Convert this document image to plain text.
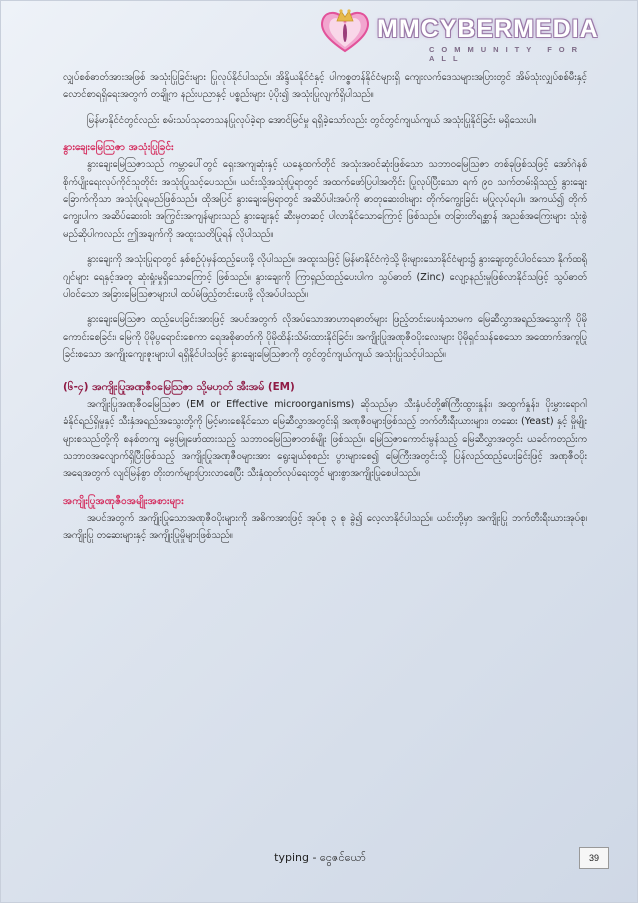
MMCYBERMEDIA
COMMUNITY FOR ALL

လျှပ်စစ်ဓာတ်အားအဖြစ် အသုံးပြုခြင်းများ ပြုလုပ်နိုင်ပါသည်။ အိန္ဒိယနိုင်ငံနှင့် ပါကစ္စတန်နိုင်ငံများရှိ ကျေးလက်ဒေသများအပြားတွင် အိမ်သုံးလျှပ်စစ်မီးနှင့် လောင်စာရရှိရေးအတွက် တချို့က နည်းပညာနှင့် ပစ္စည်းများ ပံ့ပိုး၍ အသုံးပြုလျက်ရှိပါသည်။

မြန်မာနိုင်ငံတွင်လည်း စမ်းသပ်သုတေသနပြုလုပ်ခဲ့ရာ အောင်မြင်မှု ရရှိခဲ့သော်လည်း တွင်တွင်ကျယ်ကျယ် အသုံးပြုနိုင်ခြင်း မရှိသေးပါ။

နွားချေးမြေသြဇာ အသုံးပြုခြင်း

နွားချေးမြေသြဇာသည် ကမ္ဘာပေါ်တွင် ရှေးအကျဆုံးနှင့် ယနေ့ထက်တိုင် အသုံးအဝင်ဆုံးဖြစ်သော သဘာဝမြေသြဇာ တစ်ခုဖြစ်သဖြင့် အော်ဂဲနစ်စိုက်ပျိုးရေးလုပ်ကိုင်သူတိုင်း အသုံးပြုသင့်ပေသည်။ ယင်းသို့အသုံးပြုရာတွင် အထက်ဖော်ပြပါအတိုင်း ပြုလုပ်ပြီးသော ရက် ၉၀ သက်တမ်းရှိသည့် နွားချေးခြောက်ကိုသာ အသုံးပြုရမည်ဖြစ်သည်။ ထိုအပြင် နွားချေးမြေရာတွင် အဆိပ်ပါးအပ်ကို ဓာတုဆေးဝါးများ တိုက်ကျွေးခြင်း မပြုလုပ်ရပါ။ အကယ်၍ တိုက်ကျွေးပါက အဆိပ်ဆေးဝါး အကြွင်းအကျန်များသည် နွားချေးနှင့် ဆီးမှတဆင့် ပါလာနိုင်သောကြောင့် ဖြစ်သည်။ တခြားတိရစ္ဆာန် အညစ်အကြေးများ သုံးစွဲမည်ဆိုပါကလည်း ဤအချက်ကို အထူးသတိပြုရန် လိုပါသည်။

နွားချေးကို အသုံးပြုရာတွင် နှစ်စဉ်ပုံမှန်ထည့်ပေးဖို့ လိုပါသည်။ အထူးသဖြင့် မြန်မာနိုင်ငံကဲ့သို့ မိုးများသောနိုင်ငံများ၌ နွားချေးတွင်ပါဝင်သော နိုက်ထရိုဂျင်များ ရေနှင့်အတူ ဆုံးရှုံးမှုရှိသောကြောင့် ဖြစ်သည်။ နွားချေးကို ကြာရှည်ထည့်ပေးပါက သွပ်ဓာတ် (Zinc) လျော့နည်းမှုဖြစ်လာနိုင်သဖြင့် သွပ်ဓာတ်ပါဝင်သော အခြားမြေသြဇာများပါ ထပ်မံဖြည့်တင်းပေးဖို့ လိုအပ်ပါသည်။

နွားချေးမြေသြဇာ ထည့်ပေးခြင်းအားဖြင့် အပင်အတွက် လိုအပ်သောအာဟာရဓာတ်များ ဖြည့်တင်းပေးရုံသာမက မြေဆီလွှာအရည်အသွေးကို ပိုမိုကောင်းစေခြင်း၊ မြေကို ပိုမိုပွရောင်းစေကာ ရေအစိုဓာတ်ကို ပိုမိုထိန်းသိမ်းထားနိုင်ခြင်း၊ အကျိုးပြုအဏုဇီဝပိုးလေးများ ပိုမိုရှင်သန်စေသော အထောက်အကူပြုခြင်းစသော အကျိုးကျေးဇူးများပါ ရရှိနိုင်ပါသဖြင့် နွားချေးမြေသြဇာကို တွင်တွင်ကျယ်ကျယ် အသုံးပြုသင့်ပါသည်။

(၆-၄) အကျိုးပြုအဏုဇီဝမြေသြဇာ သို့မဟုတ် အီးအမ် (EM)

အကျိုးပြုအဏုဇီဝမြေသြဇာ (EM or Effective microorganisms) ဆိုသည်မှာ သီးနှံပင်တို့၏ကြီးထွားနှုန်း၊ အထွက်နှုန်း၊ ပိုးမွှားရောဂါ ခံနိုင်ရည်ရှိမှုနှင့် သီးနှံအရည်အသွေးတို့ကို မြင့်မားစေနိုင်သော မြေဆီလွှာအတွင်းရှိ အဏုဇီဝများဖြစ်သည့် ဘက်တီးရီးယားများ၊ တဆေး (Yeast) နှင့် မှိုမျိုးများစသည်တို့ကို စနစ်တကျ မွေးမြူဖော်ထားသည့် သဘာဝမြေသြဇာတစ်မျိုး ဖြစ်သည်။ မြေသြဇာကောင်းမွန်သည့် မြေဆီလွှာအတွင်း ယခင်ကတည်းက သဘာဝအလျောက်ရှိပြီးဖြစ်သည့် အကျိုးပြုအဏုဇီဝများအား ရွေးချယ်စုစည်း ပွားများစေ၍ မြေကြီးအတွင်းသို့ ပြန်လည်ထည့်ပေးခြင်းဖြင့် အဏုဇီဝပိုးအရေအတွက် လျင်မြန်စွာ တိုးတက်များပြားလာစေပြီး သီးနှံထုတ်လုပ်ရေးတွင် များစွာအကျိုးပြုစေပါသည်။

အကျိုးပြုအဏုဇီဝအမျိုးအစားများ

အပင်အတွက် အကျိုးပြုသောအဏုဇီဝပိုးများကို အဓိကအားဖြင့် အုပ်စု ၃ စု ခွဲ၍ လေ့လာနိုင်ပါသည်။ ယင်းတို့မှာ အကျိုးပြု ဘက်တီးရီးယားအုပ်စု၊ အကျိုးပြု တဆေးများနှင့် အကျိုးပြုမှိုများဖြစ်သည်။

typing - ငွေဇင်ယော်	39
